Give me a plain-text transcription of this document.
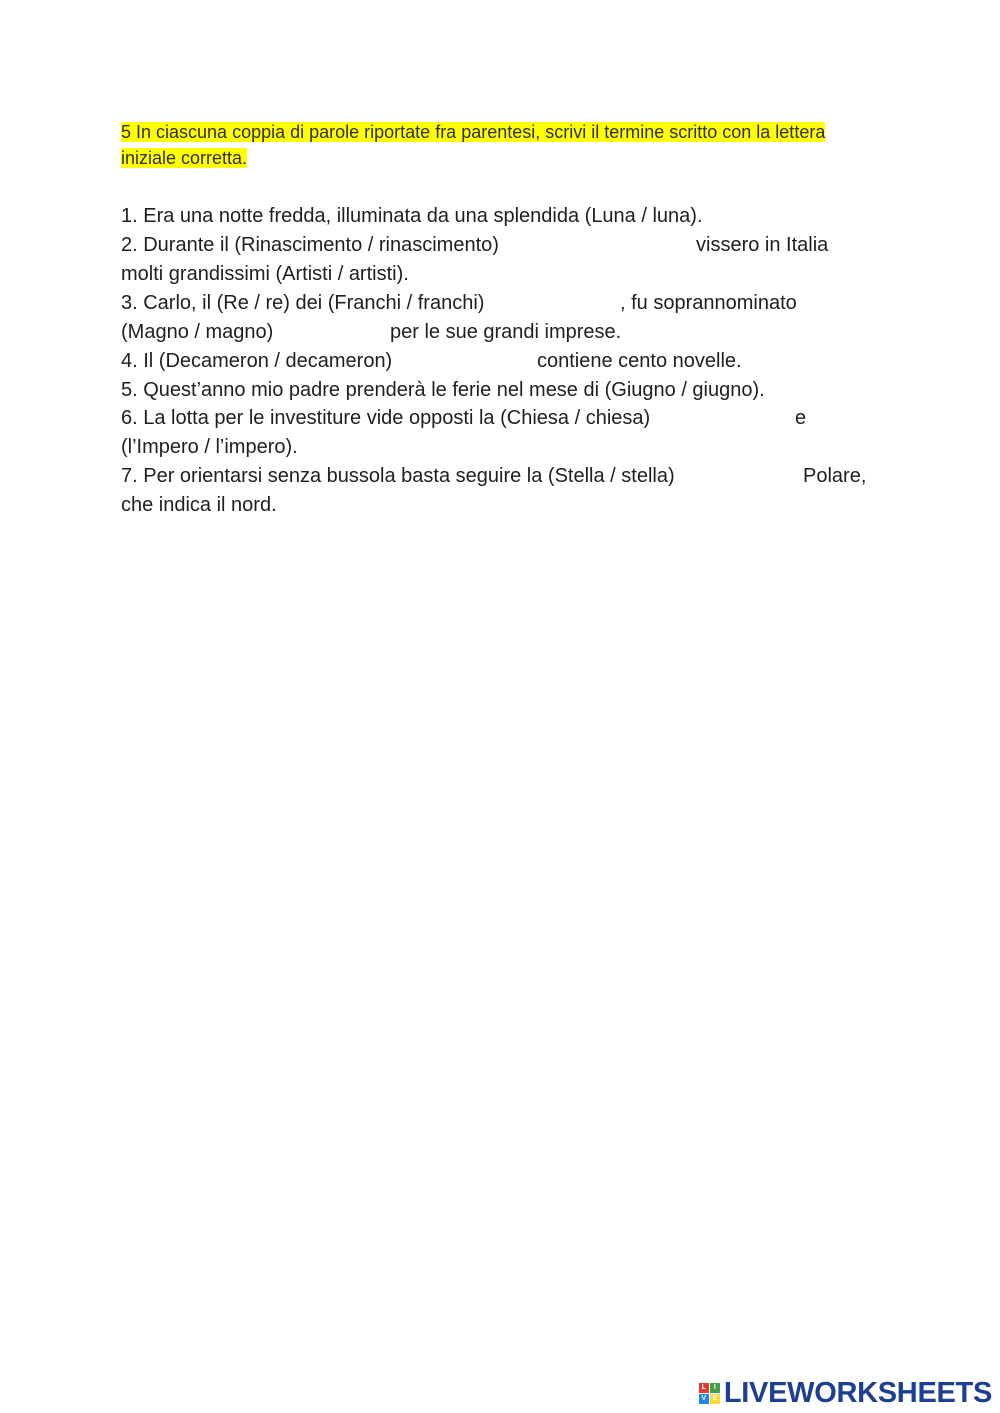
5 In ciascuna coppia di parole riportate fra parentesi, scrivi il termine scritto con la lettera iniziale corretta.
1. Era una notte fredda, illuminata da una splendida (Luna / luna).
2. Durante il (Rinascimento / rinascimento)	vissero in Italia
molti grandissimi (Artisti / artisti).
3. Carlo, il (Re / re) dei (Franchi / franchi)	, fu soprannominato
(Magno / magno)	per le sue grandi imprese.
4. Il (Decameron / decameron)	contiene cento novelle.
5. Quest’anno mio padre prenderà le ferie nel mese di (Giugno / giugno).
6. La lotta per le investiture vide opposti la (Chiesa / chiesa)	e
(l’Impero / l’impero).
7. Per orientarsi senza bussola basta seguire la (Stella / stella)	Polare,
che indica il nord.
L	I
V E LIVEWORKSHEETS
